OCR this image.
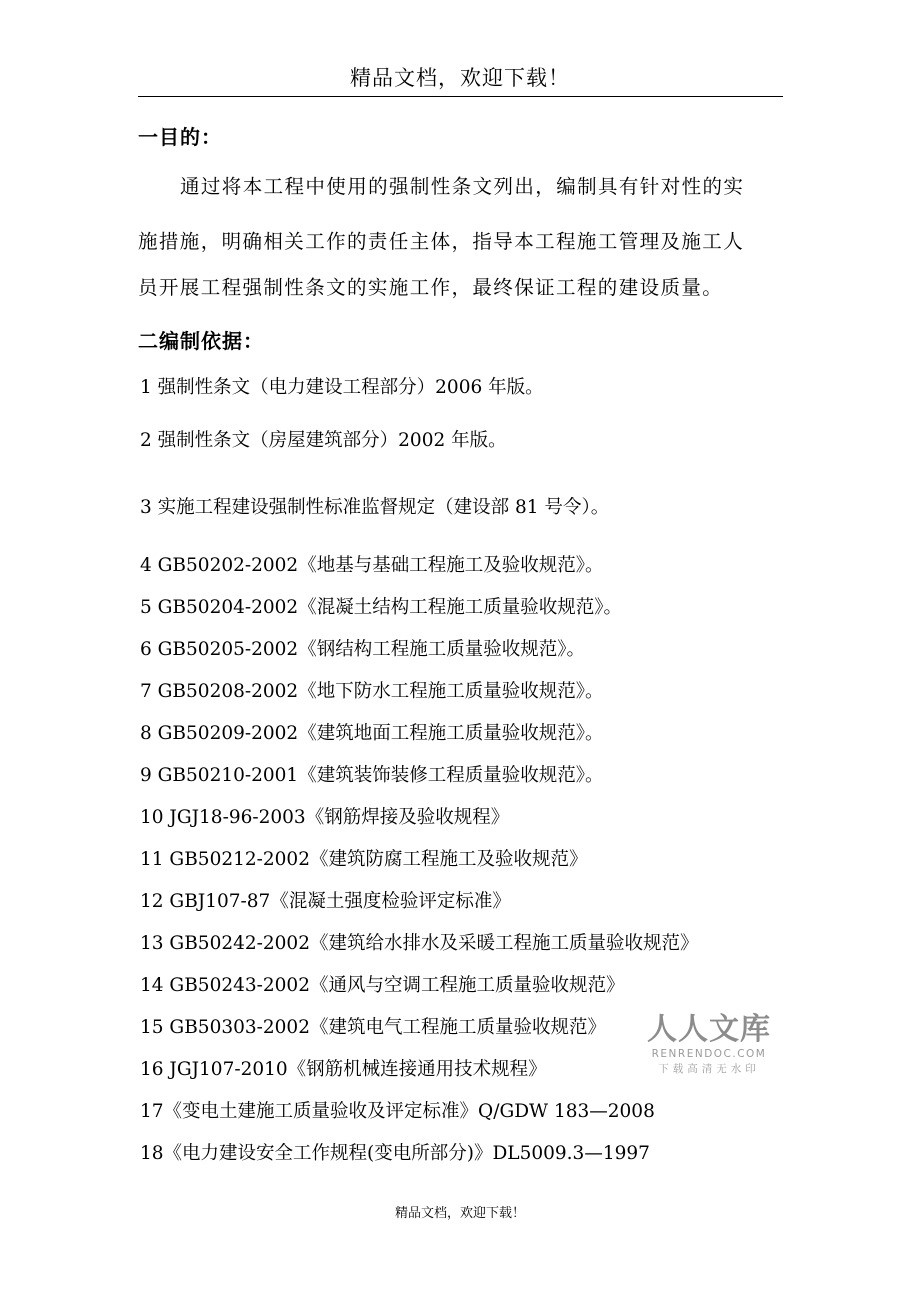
精品文档，欢迎下载！
一目的：
通过将本工程中使用的强制性条文列出，编制具有针对性的实
施措施，明确相关工作的责任主体，指导本工程施工管理及施工人
员开展工程强制性条文的实施工作，最终保证工程的建设质量。
二编制依据：
1 强制性条文（电力建设工程部分）2006 年版。
2 强制性条文（房屋建筑部分）2002 年版。
3 实施工程建设强制性标准监督规定（建设部 81 号令）。
4 GB50202-2002《地基与基础工程施工及验收规范》。
5 GB50204-2002《混凝土结构工程施工质量验收规范》。
6 GB50205-2002《钢结构工程施工质量验收规范》。
7 GB50208-2002《地下防水工程施工质量验收规范》。
8 GB50209-2002《建筑地面工程施工质量验收规范》。
9 GB50210-2001《建筑装饰装修工程质量验收规范》。
10 JGJ18-96-2003《钢筋焊接及验收规程》
11 GB50212-2002《建筑防腐工程施工及验收规范》
12 GBJ107-87《混凝土强度检验评定标准》
13 GB50242-2002《建筑给水排水及采暖工程施工质量验收规范》
14 GB50243-2002《通风与空调工程施工质量验收规范》
15 GB50303-2002《建筑电气工程施工质量验收规范》
16 JGJ107-2010《钢筋机械连接通用技术规程》
17《变电土建施工质量验收及评定标准》Q/GDW 183—2008
18《电力建设安全工作规程(变电所部分)》DL5009.3—1997
人人文库
RENRENDOC.COM
下载高清无水印
精品文档，欢迎下载！
